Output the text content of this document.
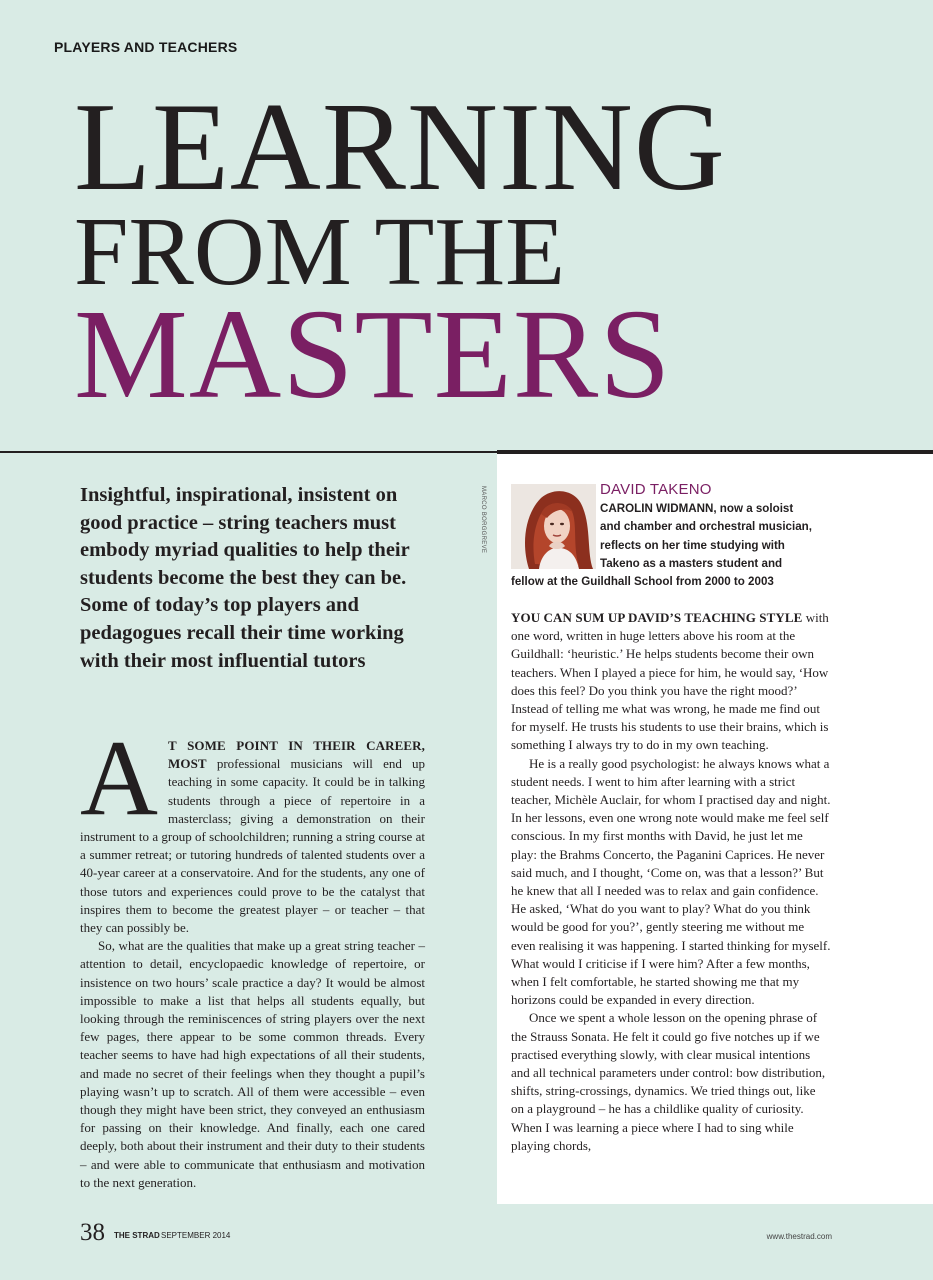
PLAYERS AND TEACHERS
LEARNING
FROM THE
MASTERS

Insightful, inspirational, insistent on good practice – string teachers must embody myriad qualities to help their students become the best they can be. Some of today’s top players and pedagogues recall their time working with their most influential tutors

A T SOME POINT IN THEIR CAREER, MOST professional musicians will end up teaching in some capacity. It could be in talking students through a piece of repertoire in a masterclass; giving a demonstration on their instrument to a group of schoolchildren; running a string course at a summer retreat; or tutoring hundreds of talented students over a 40-year career at a conservatoire. And for the students, any one of those tutors and experiences could prove to be the catalyst that inspires them to become the greatest player – or teacher – that they can possibly be.

So, what are the qualities that make up a great string teacher – attention to detail, encyclopaedic knowledge of repertoire, or insistence on two hours’ scale practice a day? It would be almost impossible to make a list that helps all students equally, but looking through the reminiscences of string players over the next few pages, there appear to be some common threads. Every teacher seems to have had high expectations of all their students, and made no secret of their feelings when they thought a pupil’s playing wasn’t up to scratch. All of them were accessible – even though they might have been strict, they conveyed an enthusiasm for passing on their knowledge. And finally, each one cared deeply, both about their instrument and their duty to their students – and were able to communicate that enthusiasm and motivation to the next generation.

MARCO BORGGREVE	DAVID TAKENO
CAROLIN WIDMANN, now a soloist
and chamber and orchestral musician,
reflects on her time studying with
Takeno as a masters student and
fellow at the Guildhall School from 2000 to 2003

YOU CAN SUM UP DAVID’S TEACHING STYLE with one word, written in huge letters above his room at the Guildhall: ‘heuristic.’ He helps students become their own teachers. When I played a piece for him, he would say, ‘How does this feel? Do you think you have the right mood?’ Instead of telling me what was wrong, he made me find out for myself. He trusts his students to use their brains, which is something I always try to do in my own teaching.

He is a really good psychologist: he always knows what a student needs. I went to him after learning with a strict teacher, Michèle Auclair, for whom I practised day and night. In her lessons, even one wrong note would make me feel self conscious. In my first months with David, he just let me play: the Brahms Concerto, the Paganini Caprices. He never said much, and I thought, ‘Come on, was that a lesson?’ But he knew that all I needed was to relax and gain confidence. He asked, ‘What do you want to play? What do you think would be good for you?’, gently steering me without me even realising it was happening. I started thinking for myself. What would I criticise if I were him? After a few months, when I felt comfortable, he started showing me that my horizons could be expanded in every direction.

Once we spent a whole lesson on the opening phrase of the Strauss Sonata. He felt it could go five notches up if we practised everything slowly, with clear musical intentions and all technical parameters under control: bow distribution, shifts, string-crossings, dynamics. We tried things out, like on a playground – he has a childlike quality of curiosity. When I was learning a piece where I had to sing while playing chords,

38 THE STRAD SEPTEMBER 2014	www.thestrad.com
